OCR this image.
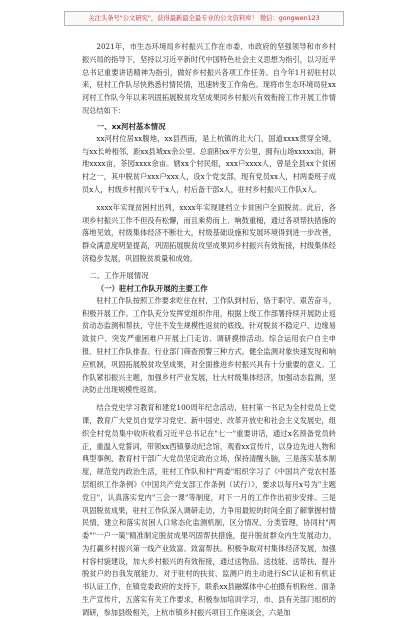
关注头条号"公文研究"，获得最新最全最专业的公文资料库！ 微信：gongwen123

2021年，市生态环境局乡村振兴工作在市委、市政府的坚强领导和市乡村振兴局的指导下，坚持以习近平新时代中国特色社会主义思想为指引，以习近平总书记重要讲话精神为指引，做好乡村振兴各项工作任务。自今年1月初驻村以来，驻村工作队尽快熟悉村情民情，迅速转变工作角色。现将市生态环境局驻xx河村工作队今年以来巩固拓展脱贫攻坚成果同乡村振兴有效衔接工作开展工作情况总结如下：

一、xx河村基本情况

xx河村位居xx腹地，xx县西南，是上杭镇的北大门，国道xxxx贯穿全境，与xx长岭相邻，距xx县城xx余公里。总面积xx平方公里，拥有山场xxxxx亩，耕地xxxx亩，茶园xxxx余亩。辖xx个村民组，xxx户xxxx人，曾是全县xx个贫困村之一，其中脱贫户xxx户xxx人，设x个党支部，现有党员xx人，村两委班子成员x人，村级乡村振兴专干x人，村后备干部x人，驻村乡村振兴工作队x人。

xxxx年实现贫困村出列，xxxx年实现建档立卡贫困户全面脱贫。此后，各项乡村振兴工作不但没有松懈，而且乘势而上、响鼓重槌，通过各项帮扶措施的落地见效，村级集体经济不断壮大，村级基础设施和发展环境得到进一步改善，群众满意度明显提高，巩固拓展脱贫攻坚成果同乡村振兴有效衔接，村级集体经济稳步发展，巩固脱贫质量和成效。

二、工作开展情况
（一）驻村工作队开展的主要工作

驻村工作队按照工作要求吃住在村，工作队到村后，恪于职守、艰苦奋斗，积极开展工作。工作队充分发挥党组织作用，根据上级工作部署持续开展防止返贫动态监测和帮扶，守住不发生规模性返贫的底线。针对脱贫不稳定户、边缘易致贫户、突发严重困难户开展上门走访、调研摸排活动。综合运用农户自主申报、驻村工作队排查、行业部门筛查预警三种方式，健全监测对象快速发现和响应机制，巩固拓展脱贫攻坚成果，对全面推进乡村振兴具有十分重要的意义。工作队紧扣振兴主题，加强乡村产业发展，壮大村级集体经济，加强动态监测，坚决防止出现规模性返贫。

结合党史学习教育和建党100周年纪念活动，驻村第一书记为全村党员上党课，教育广大党员自觉学习党史、新中国史、改革开放史和社会主义发展史，组织全村党员集中收听收看习近平总书记在"七一"重要讲话，通过x名预备党员转正，重温入党誓词，带领xx西镇暴动纪念馆，观看xx宣传片，以身边先进人物和典型事例，教育村干部广大党员坚定政治立场，保持清醒头脑，三是落实基本制度，规范党内政治生活，驻村工作队和村"两委"组织学习了《中国共产党农村基层组织工作条例》《中国共产党支部工作条例（试行）》，要求以每月x号为"主题党日"，认真落实党内"三会一课"等制度，对下一月的工作作出初步安排。三是巩固脱贫成果，驻村工作队深入调研走访，力争用最短的时间全面了解掌握村情民情，建立和落实贫困人口常态化监测机制，区分情况、分类管理，协同村"两委""一户一策"精准制定脱贫成果巩固帮扶措施，提升脱贫群众内生发展动力，为打赢乡村振兴第一线产业致富、致富帮扶。积极争取对村集体经济发展，加强村容村貌建设，加大乡村振兴的有效衔接，通过送物品、送技能、送帮扶，提升脱贫户的自我发展能力，对于驻村的扶贫、监测户的主动进行SC认证和有机证书认证工作，在镇党委政府的支持下，联系xx县融媒体中心拍摄有机粉丝、面条生产宣传片，五落实有关工作要求，积极参加培训学习，市、县有关部门组织的调研，参加县级相关，上杭市镇乡村振兴项目工作座谈会，六是加
